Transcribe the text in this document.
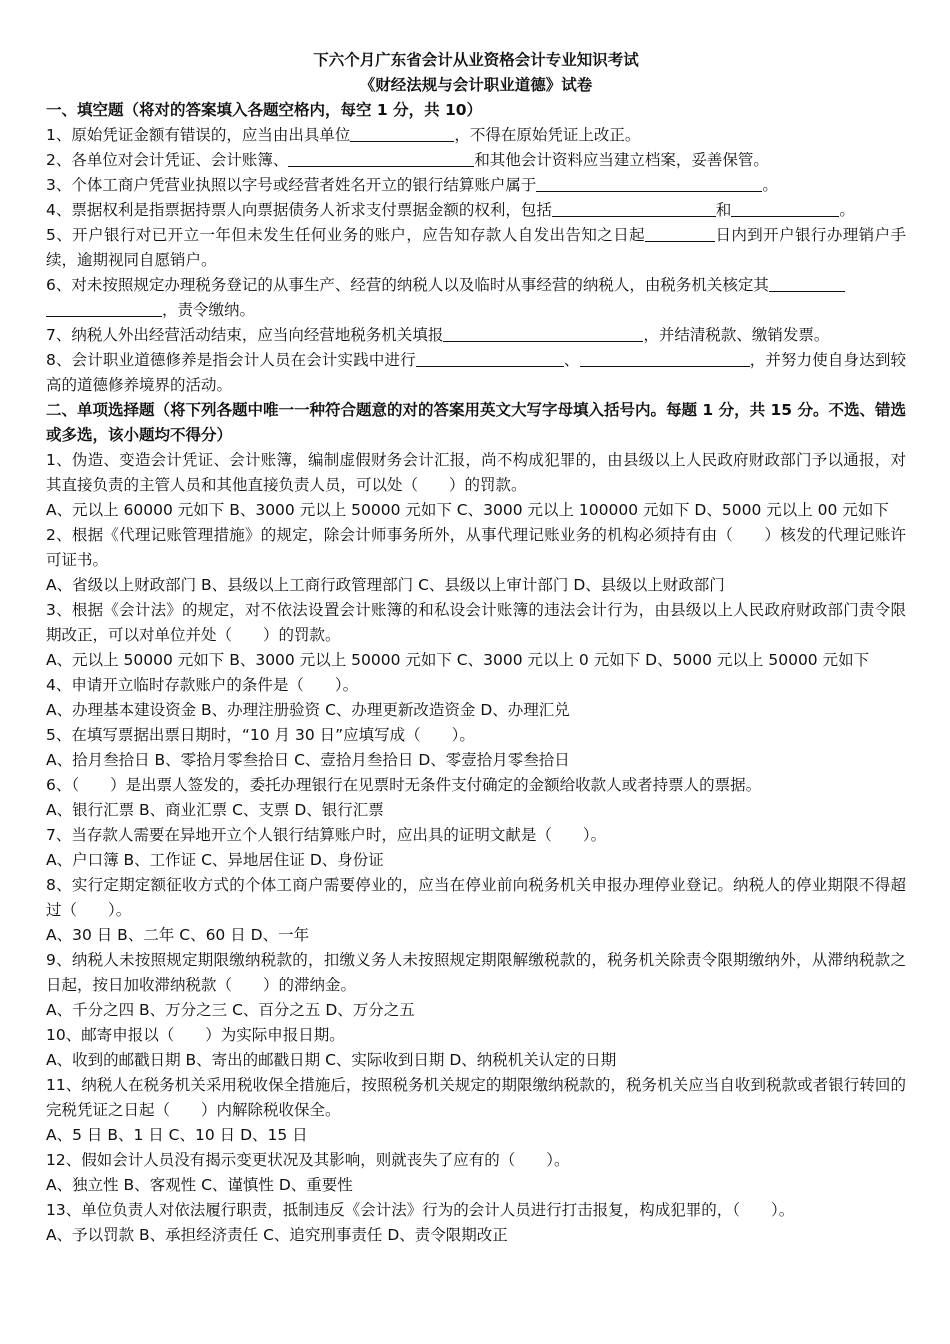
下六个月广东省会计从业资格会计专业知识考试
《财经法规与会计职业道德》试卷

一、填空题（将对的答案填入各题空格内，每空 1 分，共 10）

1、原始凭证金额有错误的，应当由出具单位	，不得在原始凭证上改正。

2、各单位对会计凭证、会计账簿、	和其他会计资料应当建立档案，妥善保管。

3、个体工商户凭营业执照以字号或经营者姓名开立的银行结算账户属于	。

4、票据权利是指票据持票人向票据债务人祈求支付票据金额的权利，包括	和	。

5、开户银行对已开立一年但未发生任何业务的账户，应告知存款人自发出告知之日起	日内到开户银行办理销户手续，逾期视同自愿销户。

6、对未按照规定办理税务登记的从事生产、经营的纳税人以及临时从事经营的纳税人，由税务机关核定其
，责令缴纳。

7、纳税人外出经营活动结束，应当向经营地税务机关填报	，并结清税款、缴销发票。

8、会计职业道德修养是指会计人员在会计实践中进行	、	，并努力使自身达到较高的道德修养境界的活动。

二、单项选择题（将下列各题中唯一一种符合题意的对的答案用英文大写字母填入括号内。每题 1 分，共 15 分。不选、错选或多选，该小题均不得分）

1、伪造、变造会计凭证、会计账簿，编制虚假财务会计汇报，尚不构成犯罪的，由县级以上人民政府财政部门予以通报，对其直接负责的主管人员和其他直接负责人员，可以处（　　）的罚款。

A、元以上 60000 元如下 B、3000 元以上 50000 元如下 C、3000 元以上 100000 元如下 D、5000 元以上 00 元如下

2、根据《代理记账管理措施》的规定，除会计师事务所外，从事代理记账业务的机构必须持有由（　　）核发的代理记账许可证书。

A、省级以上财政部门 B、县级以上工商行政管理部门 C、县级以上审计部门 D、县级以上财政部门

3、根据《会计法》的规定，对不依法设置会计账簿的和私设会计账簿的违法会计行为，由县级以上人民政府财政部门责令限期改正，可以对单位并处（　　）的罚款。

A、元以上 50000 元如下 B、3000 元以上 50000 元如下 C、3000 元以上 0 元如下 D、5000 元以上 50000 元如下

4、申请开立临时存款账户的条件是（　　）。

A、办理基本建设资金 B、办理注册验资 C、办理更新改造资金 D、办理汇兑

5、在填写票据出票日期时，“10 月 30 日”应填写成（　　）。

A、拾月叁拾日 B、零拾月零叁拾日 C、壹拾月叁拾日 D、零壹拾月零叁拾日

6、（　　）是出票人签发的，委托办理银行在见票时无条件支付确定的金额给收款人或者持票人的票据。

A、银行汇票 B、商业汇票 C、支票 D、银行汇票

7、当存款人需要在异地开立个人银行结算账户时，应出具的证明文献是（　　）。

A、户口簿 B、工作证 C、异地居住证 D、身份证

8、实行定期定额征收方式的个体工商户需要停业的，应当在停业前向税务机关申报办理停业登记。纳税人的停业期限不得超过（　　）。

A、30 日 B、二年 C、60 日 D、一年

9、纳税人未按照规定期限缴纳税款的，扣缴义务人未按照规定期限解缴税款的，税务机关除责令限期缴纳外，从滞纳税款之日起，按日加收滞纳税款（　　）的滞纳金。

A、千分之四 B、万分之三 C、百分之五 D、万分之五

10、邮寄申报以（　　）为实际申报日期。

A、收到的邮戳日期 B、寄出的邮戳日期 C、实际收到日期 D、纳税机关认定的日期

11、纳税人在税务机关采用税收保全措施后，按照税务机关规定的期限缴纳税款的，税务机关应当自收到税款或者银行转回的完税凭证之日起（　　）内解除税收保全。

A、5 日 B、1 日 C、10 日 D、15 日

12、假如会计人员没有揭示变更状况及其影响，则就丧失了应有的（　　）。

A、独立性 B、客观性 C、谨慎性 D、重要性

13、单位负责人对依法履行职责，抵制违反《会计法》行为的会计人员进行打击报复，构成犯罪的，（　　）。

A、予以罚款 B、承担经济责任 C、追究刑事责任 D、责令限期改正
